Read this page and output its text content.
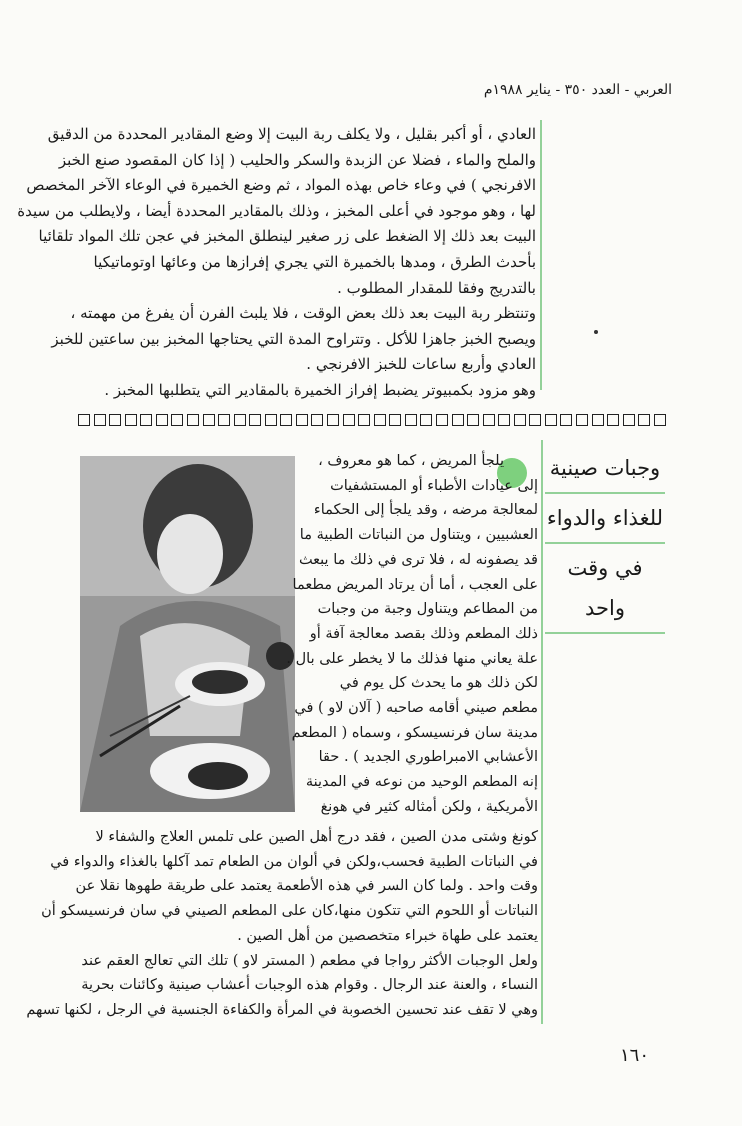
العربي - العدد ٣٥٠ - يناير ١٩٨٨م
العادي ، أو أكبر بقليل ، ولا يكلف ربة البيت إلا وضع المقادير المحددة من الدقيق
والملح والماء ، فضلا عن الزبدة والسكر والحليب ( إذا كان المقصود صنع الخبز
الافرنجي ) في وعاء خاص بهذه المواد ، ثم وضع الخميرة في الوعاء الآخر المخصص
لها ، وهو موجود في أعلى المخبز ، وذلك بالمقادير المحددة أيضا ، ولايطلب من سيدة
البيت بعد ذلك إلا الضغط على زر صغير لينطلق المخبز في عجن تلك المواد تلقائيا
بأحدث الطرق ، ومدها بالخميرة التي يجري إفرازها من وعائها اوتوماتيكيا
بالتدريج وفقا للمقدار المطلوب .
وتنتظر ربة البيت بعد ذلك بعض الوقت ، فلا يلبث الفرن أن يفرغ من مهمته ،
ويصبح الخبز جاهزا للأكل . وتتراوح المدة التي يحتاجها المخبز بين ساعتين للخبز
العادي وأربع ساعات للخبز الافرنجي .
وهو مزود بكمبيوتر يضبط إفراز الخميرة بالمقادير التي يتطلبها المخبز .
وجبات صينية
للغذاء والدواء
في وقت واحد
يلجأ المريض ، كما هو معروف ،
إلى عيادات الأطباء أو المستشفيات
لمعالجة مرضه ، وقد يلجأ إلى الحكماء
العشبيين ، ويتناول من النباتات الطبية ما
قد يصفونه له ، فلا ترى في ذلك ما يبعث
على العجب ، أما أن يرتاد المريض مطعما
من المطاعم ويتناول وجبة من وجبات
ذلك المطعم وذلك بقصد معالجة آفة أو
علة يعاني منها فذلك ما لا يخطر على بال .
لكن ذلك هو ما يحدث كل يوم في
مطعم صيني أقامه صاحبه ( آلان لاو ) في
مدينة سان فرنسيسكو ، وسماه ( المطعم
الأعشابي الامبراطوري الجديد ) . حقا
إنه المطعم الوحيد من نوعه في المدينة
الأمريكية ، ولكن أمثاله كثير في هونغ
كونغ وشتى مدن الصين ، فقد درج أهل الصين على تلمس العلاج والشفاء لا
في النباتات الطبية فحسب،ولكن في ألوان من الطعام تمد آكلها بالغذاء والدواء في
وقت واحد . ولما كان السر في هذه الأطعمة يعتمد على طريقة طهوها نقلا عن
النباتات أو اللحوم التي تتكون منها،كان على المطعم الصيني في سان فرنسيسكو أن
يعتمد على طهاة خبراء متخصصين من أهل الصين .
ولعل الوجبات الأكثر رواجا في مطعم ( المستر لاو ) تلك التي تعالج العقم عند
النساء ، والعنة عند الرجال . وقوام هذه الوجبات أعشاب صينية وكائنات بحرية
وهي لا تقف عند تحسين الخصوبة في المرأة والكفاءة الجنسية في الرجل ، لكنها تسهم
١٦٠
